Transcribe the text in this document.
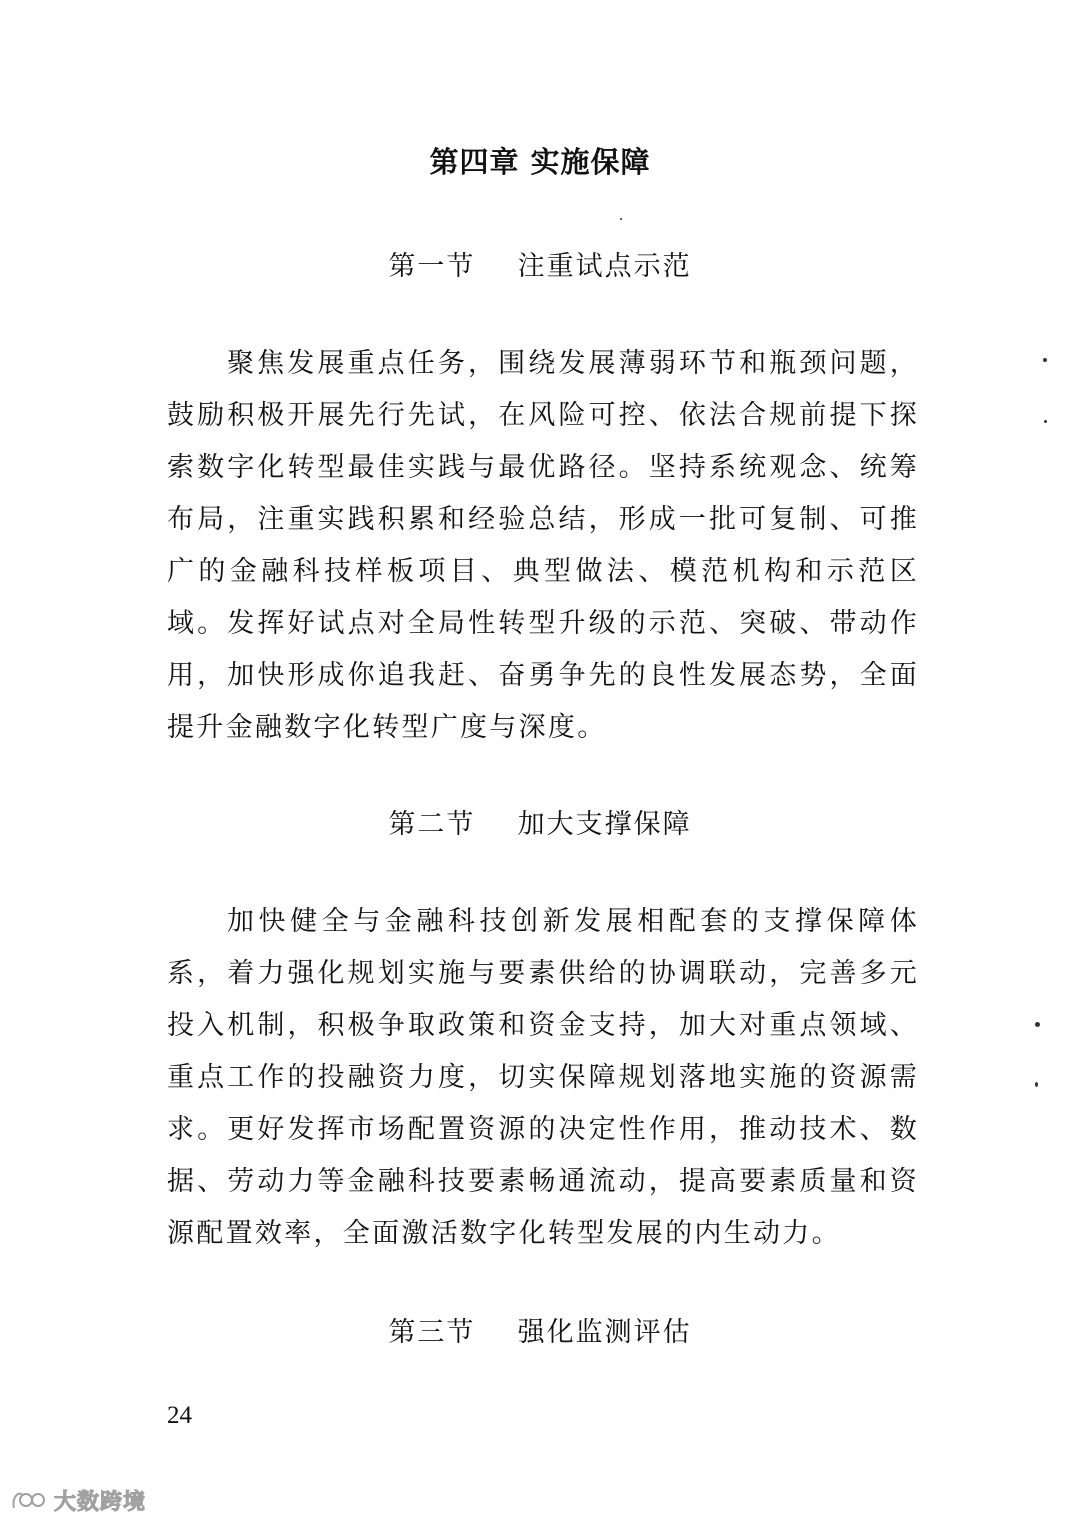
第四章 实施保障
第一节    注重试点示范

聚焦发展重点任务，围绕发展薄弱环节和瓶颈问题，鼓励积极开展先行先试，在风险可控、依法合规前提下探索数字化转型最佳实践与最优路径。坚持系统观念、统筹布局，注重实践积累和经验总结，形成一批可复制、可推广的金融科技样板项目、典型做法、模范机构和示范区域。发挥好试点对全局性转型升级的示范、突破、带动作用，加快形成你追我赶、奋勇争先的良性发展态势，全面提升金融数字化转型广度与深度。

第二节    加大支撑保障

加快健全与金融科技创新发展相配套的支撑保障体系，着力强化规划实施与要素供给的协调联动，完善多元投入机制，积极争取政策和资金支持，加大对重点领域、重点工作的投融资力度，切实保障规划落地实施的资源需求。更好发挥市场配置资源的决定性作用，推动技术、数据、劳动力等金融科技要素畅通流动，提高要素质量和资源配置效率，全面激活数字化转型发展的内生动力。

第三节    强化监测评估

24

大数跨境
